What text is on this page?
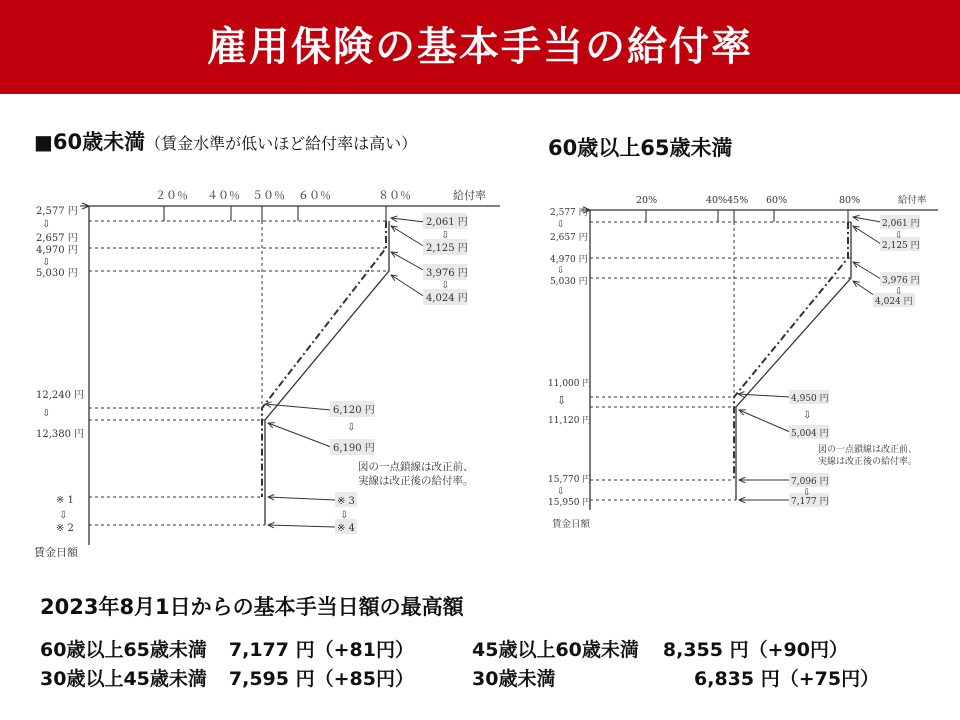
雇用保険の基本手当の給付率
■60歳未満（賃金水準が低いほど給付率は高い）	60歳以上65歳未満
２０％ ４０％ ５０％ ６０％	８０％	給付率
賃金日額
2,577 円
⇩
2,657 円
4,970 円
⇩
5,030 円
12,240 円
⇩
12,380 円
※ 1
⇩
※ 2
2,061 円
⇩
2,125 円
3,976 円
⇩
4,024 円
6,120 円
⇩
6,190 円
図の一点鎖線は改正前、
実線は改正後の給付率。
※ 3
⇩
※ 4
20%	40%45% 60%	80%	給付率
賃金日額
2,577 円
⇩
2,657 円
4,970 円
⇩
5,030 円
11,000 円
⇩
11,120 円
15,770 円
⇩
15,950 円
2,061 円
⇩
2,125 円
3,976 円
⇩
4,024 円
4,950 円
⇩
5,004 円
図の一点鎖線は改正前、
実線は改正後の給付率。
7,096 円
⇩
7,177 円
2023年8月1日からの基本手当日額の最高額
60歳以上65歳未満 7,177 円（+81円）	45歳以上60歳未満 8,355 円（+90円）
30歳以上45歳未満 7,595 円（+85円）	30歳未満	6,835 円（+75円）
